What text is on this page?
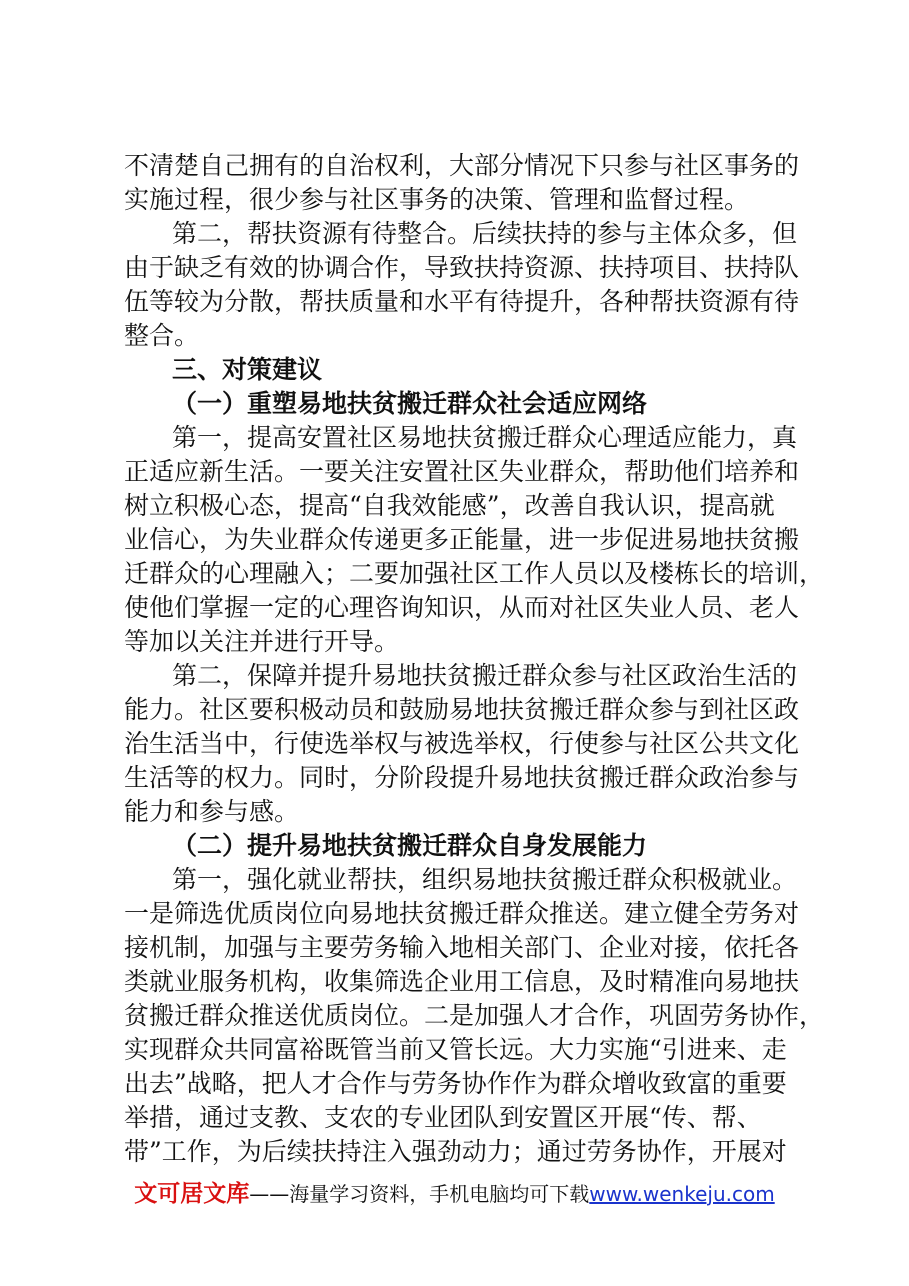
不清楚自己拥有的自治权利，大部分情况下只参与社区事务的
实施过程，很少参与社区事务的决策、管理和监督过程。
第二，帮扶资源有待整合。后续扶持的参与主体众多，但
由于缺乏有效的协调合作，导致扶持资源、扶持项目、扶持队
伍等较为分散，帮扶质量和水平有待提升，各种帮扶资源有待
整合。
三、对策建议
（一）重塑易地扶贫搬迁群众社会适应网络
第一，提高安置社区易地扶贫搬迁群众心理适应能力，真
正适应新生活。一要关注安置社区失业群众，帮助他们培养和
树立积极心态，提高“自我效能感”，改善自我认识，提高就
业信心，为失业群众传递更多正能量，进一步促进易地扶贫搬
迁群众的心理融入；二要加强社区工作人员以及楼栋长的培训，
使他们掌握一定的心理咨询知识，从而对社区失业人员、老人
等加以关注并进行开导。
第二，保障并提升易地扶贫搬迁群众参与社区政治生活的
能力。社区要积极动员和鼓励易地扶贫搬迁群众参与到社区政
治生活当中，行使选举权与被选举权，行使参与社区公共文化
生活等的权力。同时，分阶段提升易地扶贫搬迁群众政治参与
能力和参与感。
（二）提升易地扶贫搬迁群众自身发展能力
第一，强化就业帮扶，组织易地扶贫搬迁群众积极就业。
一是筛选优质岗位向易地扶贫搬迁群众推送。建立健全劳务对
接机制，加强与主要劳务输入地相关部门、企业对接，依托各
类就业服务机构，收集筛选企业用工信息，及时精准向易地扶
贫搬迁群众推送优质岗位。二是加强人才合作，巩固劳务协作，
实现群众共同富裕既管当前又管长远。大力实施“引进来、走
出去”战略，把人才合作与劳务协作作为群众增收致富的重要
举措，通过支教、支农的专业团队到安置区开展“传、帮、
带”工作，为后续扶持注入强劲动力；通过劳务协作，开展对
文可居文库——海量学习资料，手机电脑均可下载www.wenkeju.com
